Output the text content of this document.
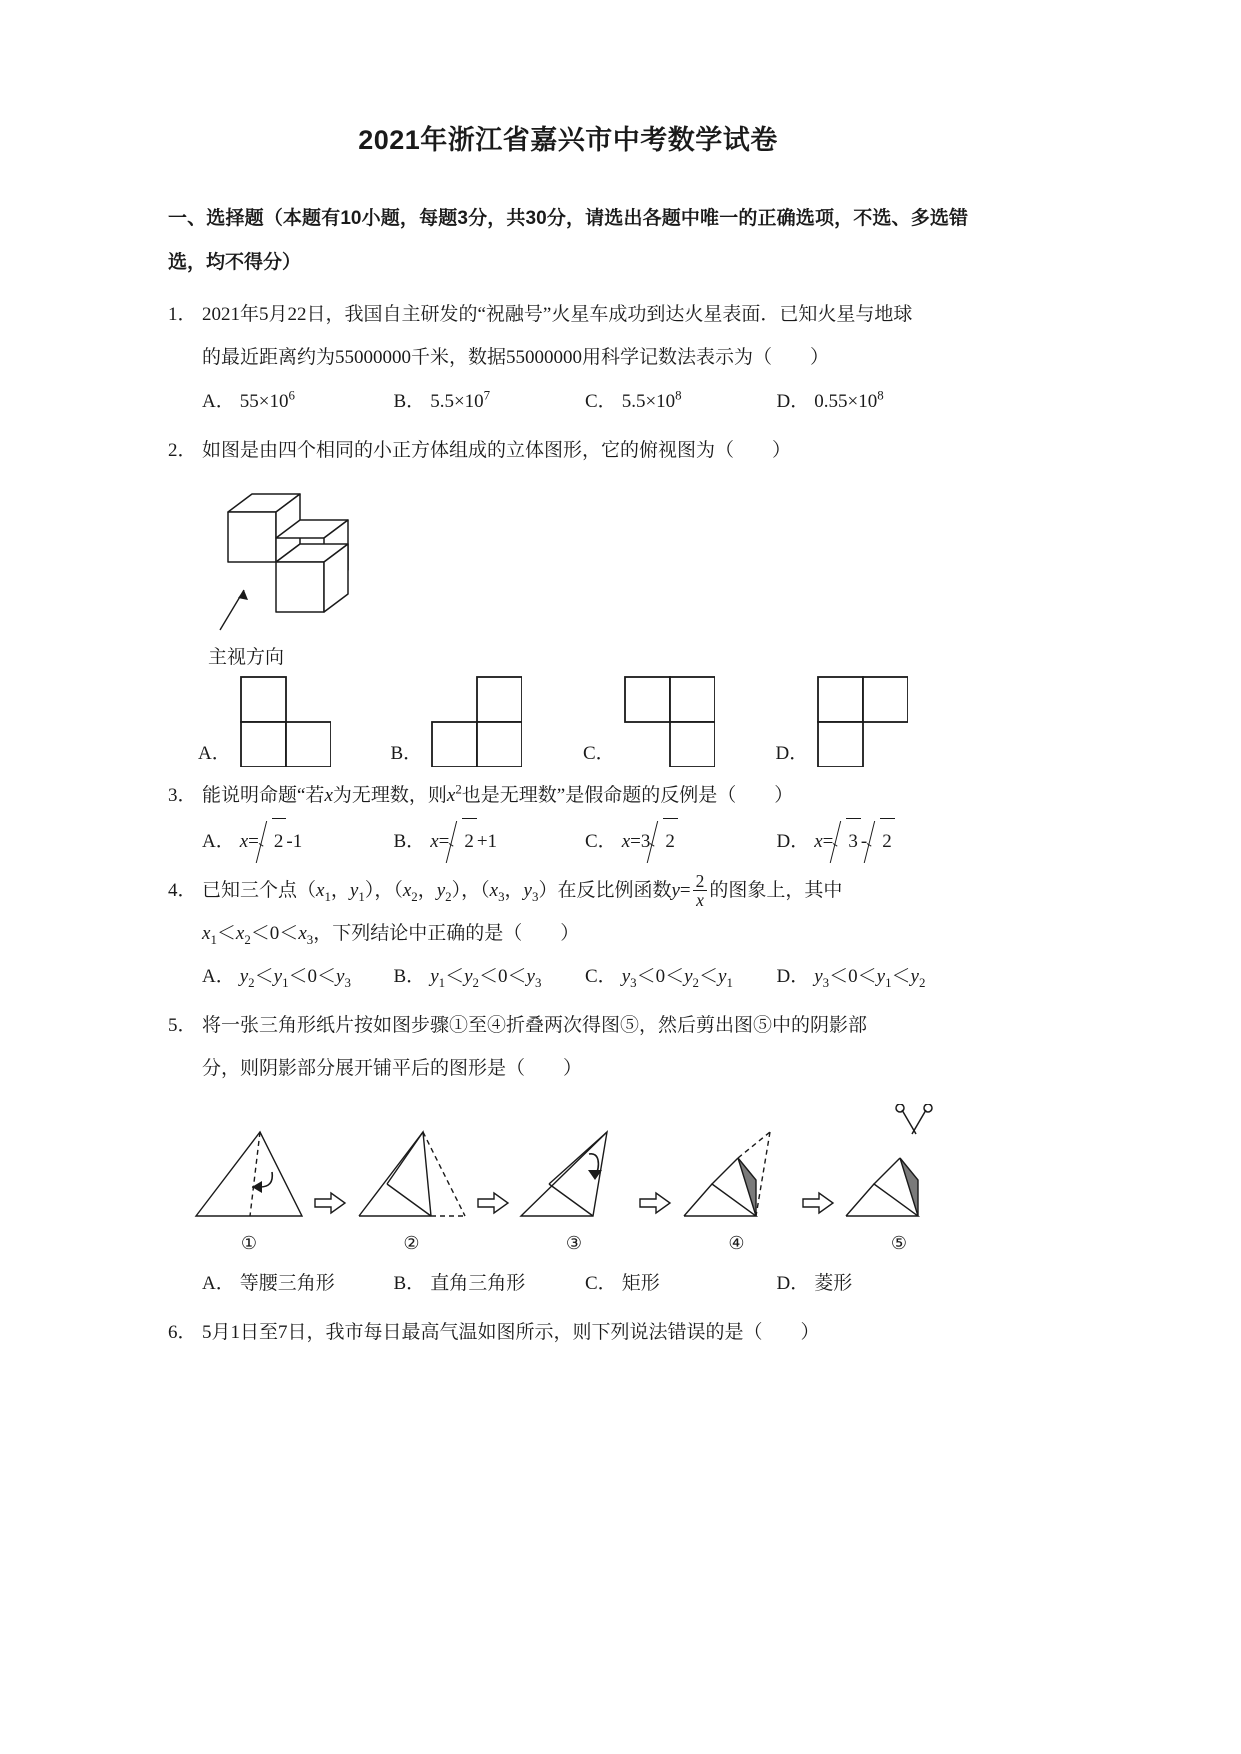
2021年浙江省嘉兴市中考数学试卷
一、选择题（本题有10小题，每题3分，共30分，请选出各题中唯一的正确选项，不选、多选错选，均不得分）
1． 2021年5月22日，我国自主研发的“祝融号”火星车成功到达火星表面．已知火星与地球
的最近距离约为55000000千米，数据55000000用科学记数法表示为（　　）
A． $55\times 10^6$	B． $5.5\times 10^7$	C． $5.5\times 10^8$	D． $0.55\times 10^8$
2． 如图是由四个相同的小正方体组成的立体图形，它的俯视图为（　　）
主视方向
A．	B．	C．	D．
3． 能说明命题“若x为无理数，则$x^2$也是无理数”是假命题的反例是（　　）
A． x= 2 -1	B． x= 2 +1	C． x=3 2	D． x= 3 - 2
4． 已知三个点（$x_1$，$y_1$），（$x_2$，$y_2$），（$x_3$，$y_3$）在反比例函数$y= \frac{2}{x}$ 的图象上，其中
$x_1<x_2<0<x_3$，下列结论中正确的是（　　）
A． $y_2<y_1<0<y_3$	B． $y_1<y_2<0<y_3$	C． $y_3<0<y_2<y_1$	D． $y_3<0<y_1<y_2$
5． 将一张三角形纸片按如图步骤①至④折叠两次得图⑤，然后剪出图⑤中的阴影部
分，则阴影部分展开铺平后的图形是（　　）
①	②	③	④	⑤
A． 等腰三角形	B． 直角三角形	C． 矩形	D． 菱形
6． 5月1日至7日，我市每日最高气温如图所示，则下列说法错误的是（　　）
